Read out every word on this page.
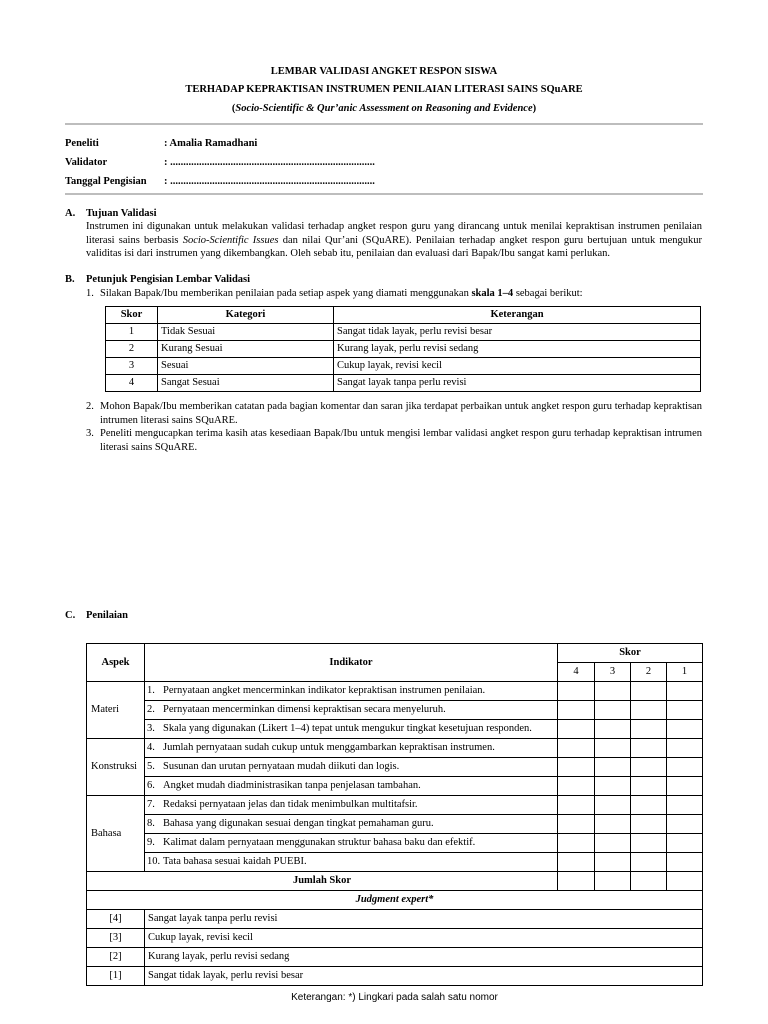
LEMBAR VALIDASI ANGKET RESPON SISWA
TERHADAP KEPRAKTISAN INSTRUMEN PENILAIAN LITERASI SAINS SQuARE
(Socio-Scientific & Qur’anic Assessment on Reasoning and Evidence)
Peneliti	: Amalia Ramadhani
Validator	: ..............................................................................
Tanggal Pengisian : ..............................................................................
A. Tujuan Validasi
Instrumen ini digunakan untuk melakukan validasi terhadap angket respon guru yang dirancang untuk menilai kepraktisan instrumen penilaian literasi sains berbasis Socio-Scientific Issues dan nilai Qur’ani (SQuARE). Penilaian terhadap angket respon guru bertujuan untuk mengukur validitas isi dari instrumen yang dikembangkan. Oleh sebab itu, penilaian dan evaluasi dari Bapak/Ibu sangat kami perlukan.
B. Petunjuk Pengisian Lembar Validasi
1. Silakan Bapak/Ibu memberikan penilaian pada setiap aspek yang diamati menggunakan skala 1–4 sebagai berikut:
Skor	Kategori	Keterangan
1	Tidak Sesuai	Sangat tidak layak, perlu revisi besar
2	Kurang Sesuai	Kurang layak, perlu revisi sedang
3	Sesuai	Cukup layak, revisi kecil
4	Sangat Sesuai	Sangat layak tanpa perlu revisi
2. Mohon Bapak/Ibu memberikan catatan pada bagian komentar dan saran jika terdapat perbaikan untuk angket respon guru terhadap kepraktisan intrumen literasi sains SQuARE.
3. Peneliti mengucapkan terima kasih atas kesediaan Bapak/Ibu untuk mengisi lembar validasi angket respon guru terhadap kepraktisan intrumen literasi sains SQuARE.
C. Penilaian
Aspek	Indikator	Skor			
		4	3	2	1
Materi	1. Pernyataan angket mencerminkan indikator kepraktisan instrumen penilaian.				
	2. Pernyataan mencerminkan dimensi kepraktisan secara menyeluruh.				
	3. Skala yang digunakan (Likert 1–4) tepat untuk mengukur tingkat kesetujuan responden.				
Konstruksi	4. Jumlah pernyataan sudah cukup untuk menggambarkan kepraktisan instrumen.				
	5. Susunan dan urutan pernyataan mudah diikuti dan logis.				
	6. Angket mudah diadministrasikan tanpa penjelasan tambahan.				
Bahasa	7. Redaksi pernyataan jelas dan tidak menimbulkan multitafsir.				
	8. Bahasa yang digunakan sesuai dengan tingkat pemahaman guru.				
	9. Kalimat dalam pernyataan menggunakan struktur bahasa baku dan efektif.				
	10. Tata bahasa sesuai kaidah PUEBI.				
Jumlah Skor					
Judgment expert*					
[4]	Sangat layak tanpa perlu revisi				
[3]	Cukup layak, revisi kecil				
[2]	Kurang layak, perlu revisi sedang				
[1]	Sangat tidak layak, perlu revisi besar				
Keterangan: *) Lingkari pada salah satu nomor
